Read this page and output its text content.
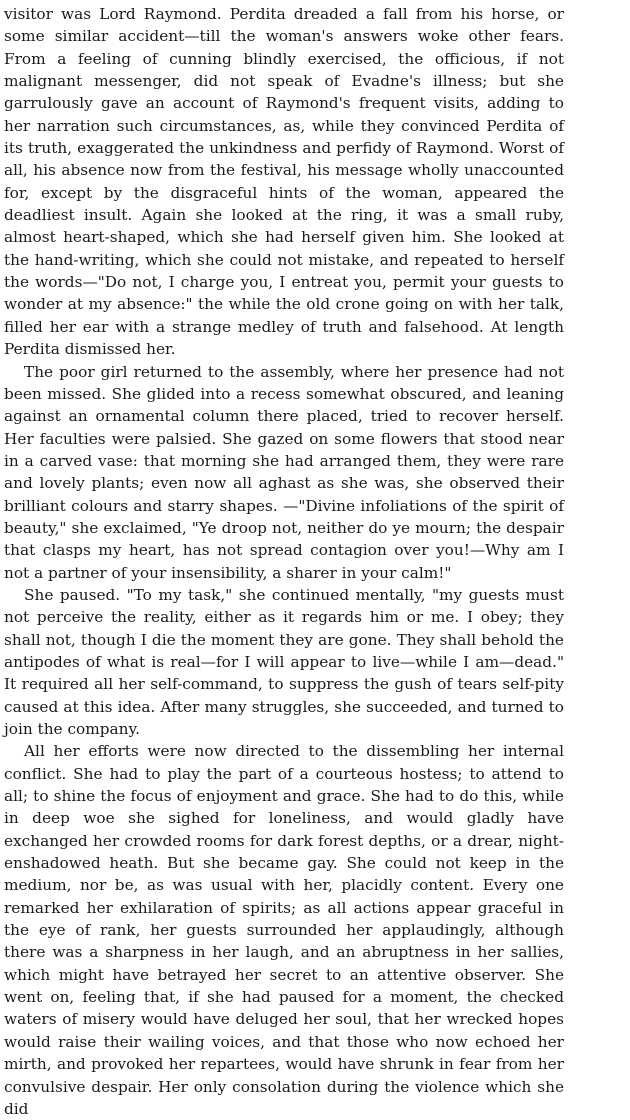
visitor was Lord Raymond. Perdita dreaded a fall from his horse, or some similar accident—till the woman's answers woke other fears. From a feeling of cunning blindly exercised, the officious, if not malignant messenger, did not speak of Evadne's illness; but she garrulously gave an account of Raymond's frequent visits, adding to her narration such circumstances, as, while they convinced Perdita of its truth, exaggerated the unkindness and perfidy of Raymond. Worst of all, his absence now from the festival, his message wholly unaccounted for, except by the disgraceful hints of the woman, appeared the deadliest insult. Again she looked at the ring, it was a small ruby, almost heart-shaped, which she had herself given him. She looked at the hand-writing, which she could not mistake, and repeated to herself the words—"Do not, I charge you, I entreat you, permit your guests to wonder at my absence:" the while the old crone going on with her talk, filled her ear with a strange medley of truth and falsehood. At length Perdita dismissed her.

The poor girl returned to the assembly, where her presence had not been missed. She glided into a recess somewhat obscured, and leaning against an ornamental column there placed, tried to recover herself. Her faculties were palsied. She gazed on some flowers that stood near in a carved vase: that morning she had arranged them, they were rare and lovely plants; even now all aghast as she was, she observed their brilliant colours and starry shapes. —"Divine infoliations of the spirit of beauty," she exclaimed, "Ye droop not, neither do ye mourn; the despair that clasps my heart, has not spread contagion over you!—Why am I not a partner of your insensibility, a sharer in your calm!"

She paused. "To my task," she continued mentally, "my guests must not perceive the reality, either as it regards him or me. I obey; they shall not, though I die the moment they are gone. They shall behold the antipodes of what is real—for I will appear to live—while I am—dead." It required all her self-command, to suppress the gush of tears self-pity caused at this idea. After many struggles, she succeeded, and turned to join the company.

All her efforts were now directed to the dissembling her internal conflict. She had to play the part of a courteous hostess; to attend to all; to shine the focus of enjoyment and grace. She had to do this, while in deep woe she sighed for loneliness, and would gladly have exchanged her crowded rooms for dark forest depths, or a drear, night-enshadowed heath. But she became gay. She could not keep in the medium, nor be, as was usual with her, placidly content. Every one remarked her exhilaration of spirits; as all actions appear graceful in the eye of rank, her guests surrounded her applaudingly, although there was a sharpness in her laugh, and an abruptness in her sallies, which might have betrayed her secret to an attentive observer. She went on, feeling that, if she had paused for a moment, the checked waters of misery would have deluged her soul, that her wrecked hopes would raise their wailing voices, and that those who now echoed her mirth, and provoked her repartees, would have shrunk in fear from her convulsive despair. Her only consolation during the violence which she did
